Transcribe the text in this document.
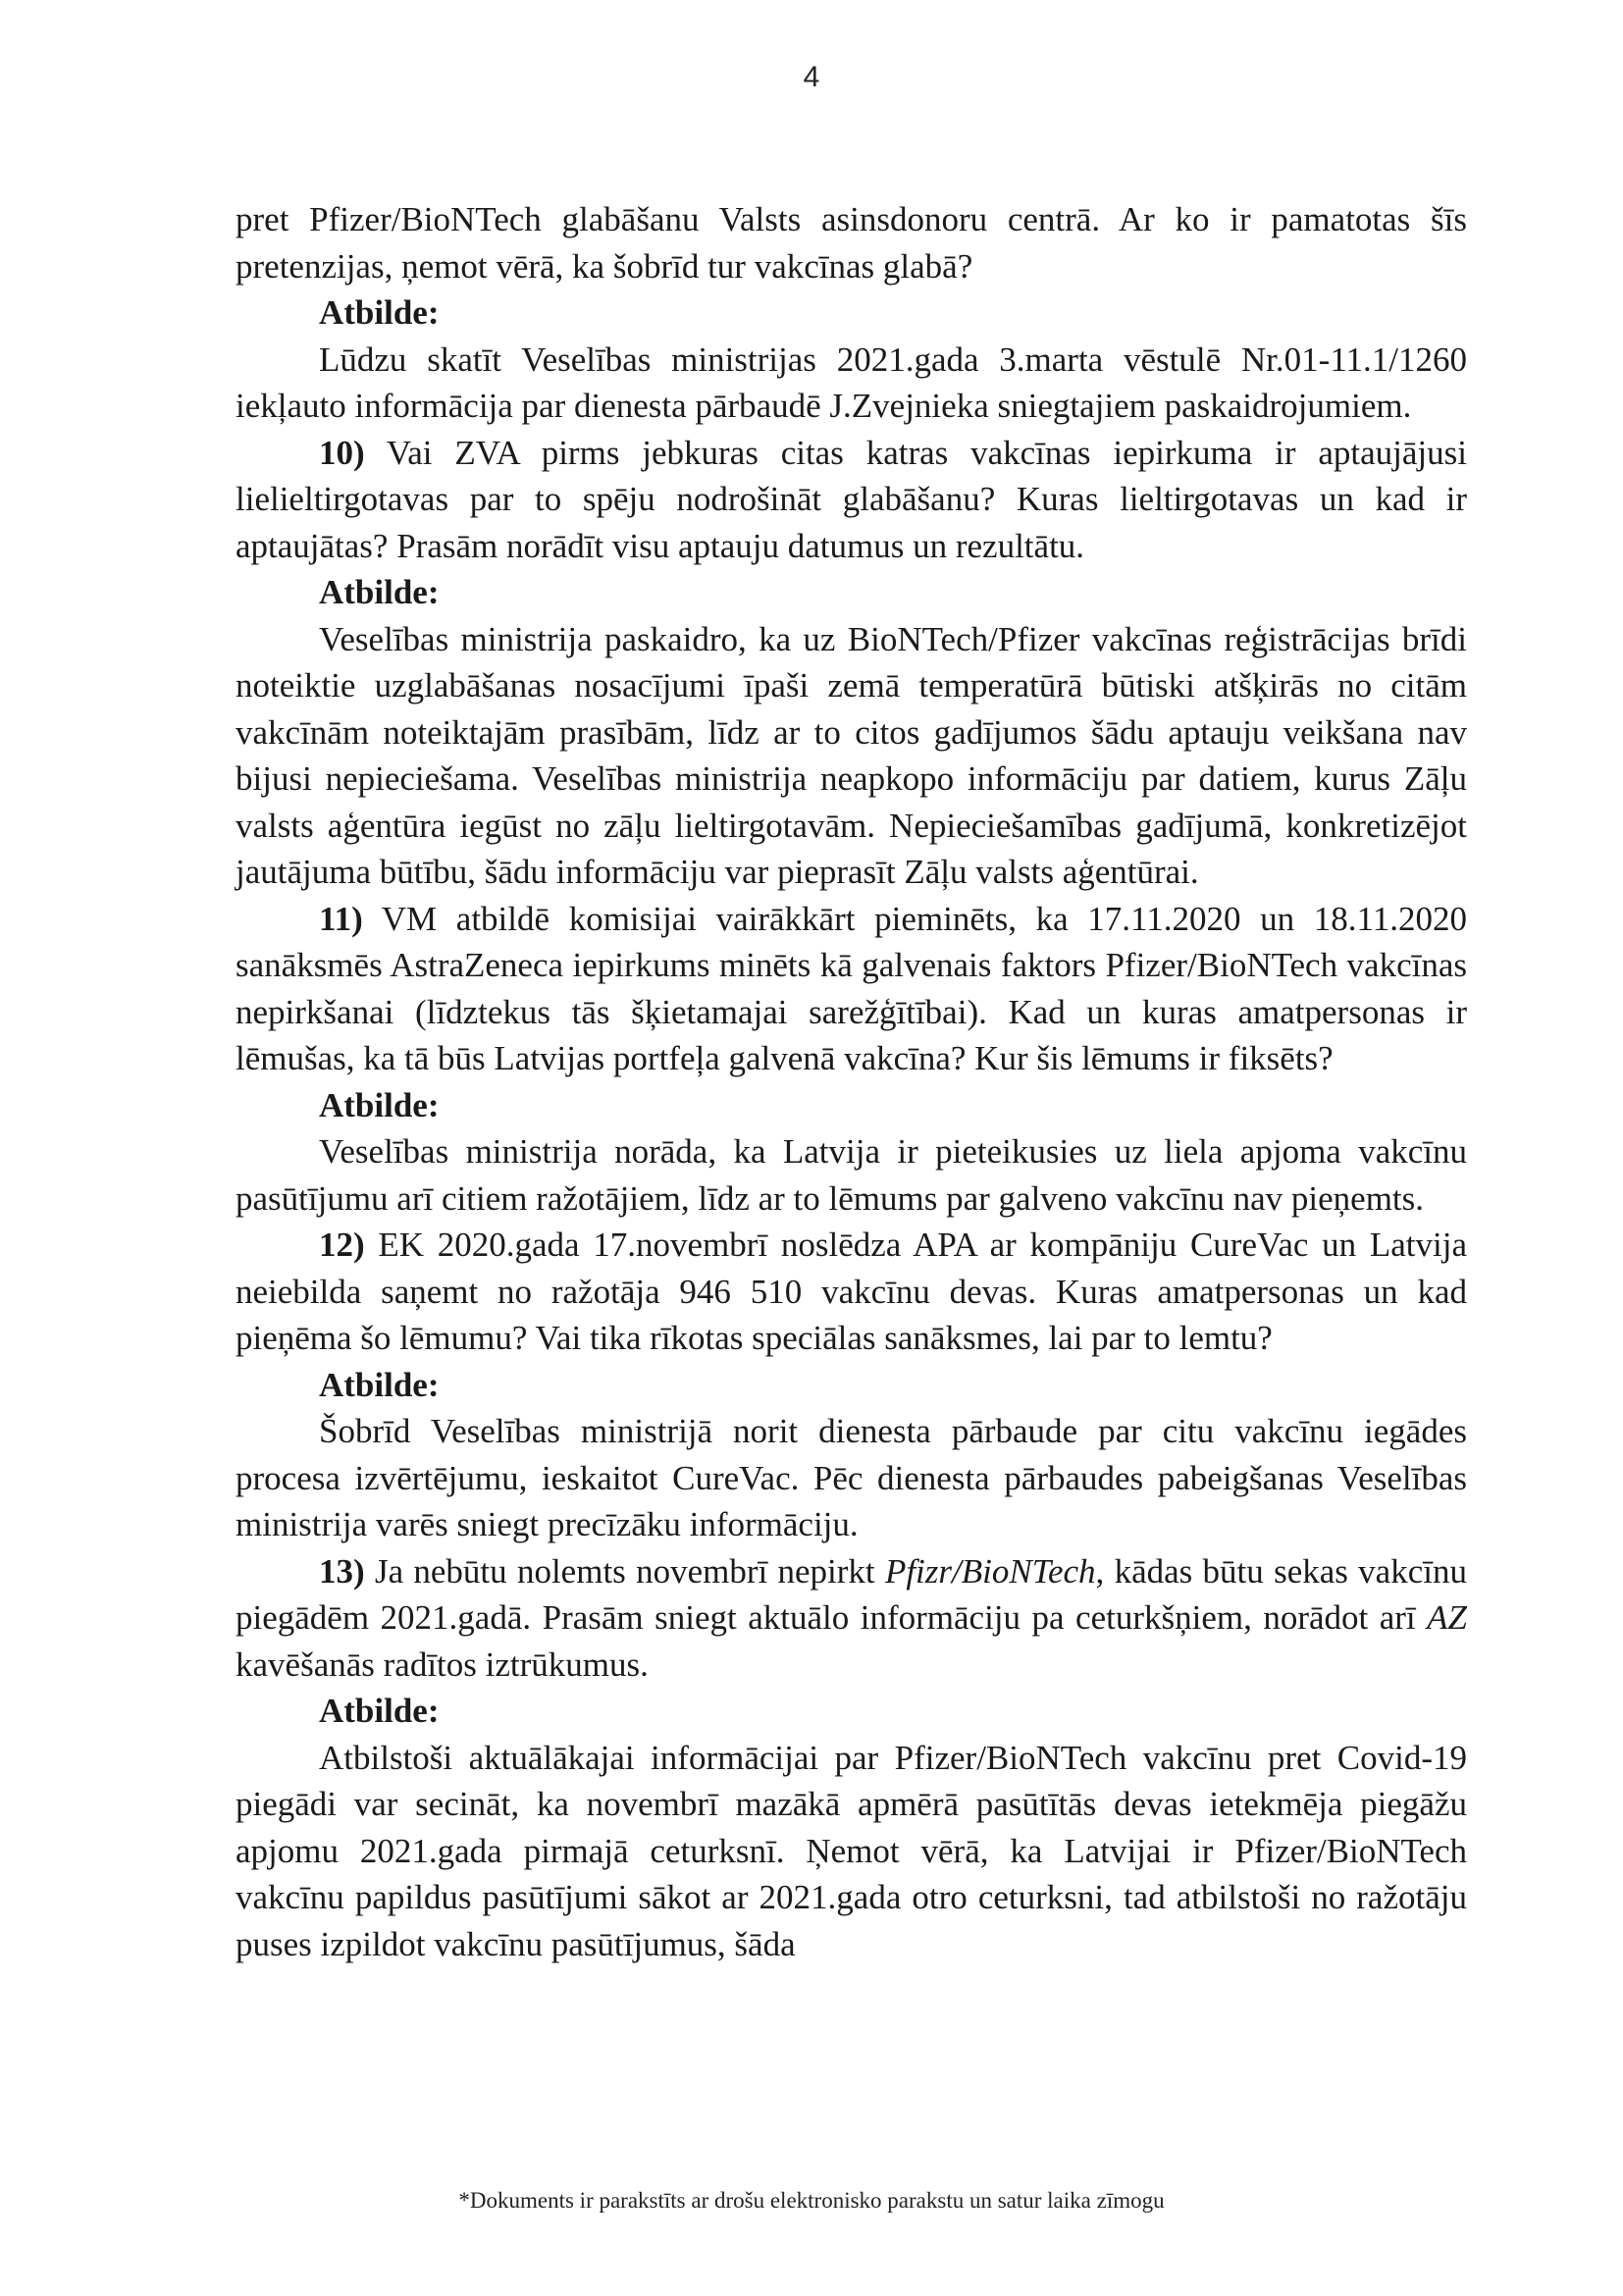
4

pret Pfizer/BioNTech glabāšanu Valsts asinsdonoru centrā. Ar ko ir pamatotas šīs pretenzijas, ņemot vērā, ka šobrīd tur vakcīnas glabā?

Atbilde:

Lūdzu skatīt Veselības ministrijas 2021.gada 3.marta vēstulē Nr.01-11.1/1260 iekļauto informācija par dienesta pārbaudē J.Zvejnieka sniegtajiem paskaidrojumiem.

10) Vai ZVA pirms jebkuras citas katras vakcīnas iepirkuma ir aptaujājusi lielieltirgotavas par to spēju nodrošināt glabāšanu? Kuras lieltirgotavas un kad ir aptaujātas? Prasām norādīt visu aptauju datumus un rezultātu.

Atbilde:

Veselības ministrija paskaidro, ka uz BioNTech/Pfizer vakcīnas reģistrācijas brīdi noteiktie uzglabāšanas nosacījumi īpaši zemā temperatūrā būtiski atšķirās no citām vakcīnām noteiktajām prasībām, līdz ar to citos gadījumos šādu aptauju veikšana nav bijusi nepieciešama. Veselības ministrija neapkopo informāciju par datiem, kurus Zāļu valsts aģentūra iegūst no zāļu lieltirgotavām. Nepieciešamības gadījumā, konkretizējot jautājuma būtību, šādu informāciju var pieprasīt Zāļu valsts aģentūrai.

11) VM atbildē komisijai vairākkārt pieminēts, ka 17.11.2020 un 18.11.2020 sanāksmēs AstraZeneca iepirkums minēts kā galvenais faktors Pfizer/BioNTech vakcīnas nepirkšanai (līdztekus tās šķietamajai sarežģītībai). Kad un kuras amatpersonas ir lēmušas, ka tā būs Latvijas portfeļa galvenā vakcīna? Kur šis lēmums ir fiksēts?

Atbilde:

Veselības ministrija norāda, ka Latvija ir pieteikusies uz liela apjoma vakcīnu pasūtījumu arī citiem ražotājiem, līdz ar to lēmums par galveno vakcīnu nav pieņemts.

12) EK 2020.gada 17.novembrī noslēdza APA ar kompāniju CureVac un Latvija neiebilda saņemt no ražotāja 946 510 vakcīnu devas. Kuras amatpersonas un kad pieņēma šo lēmumu? Vai tika rīkotas speciālas sanāksmes, lai par to lemtu?

Atbilde:

Šobrīd Veselības ministrijā norit dienesta pārbaude par citu vakcīnu iegādes procesa izvērtējumu, ieskaitot CureVac. Pēc dienesta pārbaudes pabeigšanas Veselības ministrija varēs sniegt precīzāku informāciju.

13) Ja nebūtu nolemts novembrī nepirkt Pfizr/BioNTech, kādas būtu sekas vakcīnu piegādēm 2021.gadā. Prasām sniegt aktuālo informāciju pa ceturkšņiem, norādot arī AZ kavēšanās radītos iztrūkumus.

Atbilde:

Atbilstoši aktuālākajai informācijai par Pfizer/BioNTech vakcīnu pret Covid-19 piegādi var secināt, ka novembrī mazākā apmērā pasūtītās devas ietekmēja piegāžu apjomu 2021.gada pirmajā ceturksnī. Ņemot vērā, ka Latvijai ir Pfizer/BioNTech vakcīnu papildus pasūtījumi sākot ar 2021.gada otro ceturksni, tad atbilstoši no ražotāju puses izpildot vakcīnu pasūtījumus, šāda

*Dokuments ir parakstīts ar drošu elektronisko parakstu un satur laika zīmogu
